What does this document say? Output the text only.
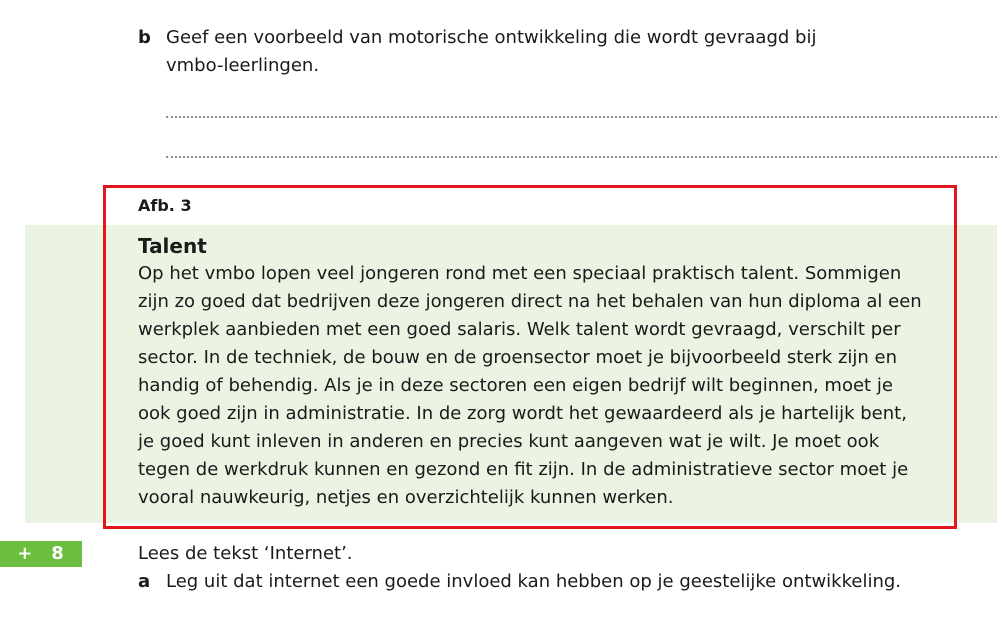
b Geef een voorbeeld van motorische ontwikkeling die wordt gevraagd bij vmbo-leerlingen.
Afb. 3
Talent

Op het vmbo lopen veel jongeren rond met een speciaal praktisch talent. Sommigen zijn zo goed dat bedrijven deze jongeren direct na het behalen van hun diploma al een werkplek aanbieden met een goed salaris. Welk talent wordt gevraagd, verschilt per sector. In de techniek, de bouw en de groensector moet je bijvoorbeeld sterk zijn en handig of behendig. Als je in deze sectoren een eigen bedrijf wilt beginnen, moet je ook goed zijn in administratie. In de zorg wordt het gewaardeerd als je hartelijk bent, je goed kunt inleven in anderen en precies kunt aangeven wat je wilt. Je moet ook tegen de werkdruk kunnen en gezond en fit zijn. In de administratieve sector moet je vooral nauwkeurig, netjes en overzichtelijk kunnen werken.

+ 8	Lees de tekst ‘Internet’.
a Leg uit dat internet een goede invloed kan hebben op je geestelijke ontwikkeling.
